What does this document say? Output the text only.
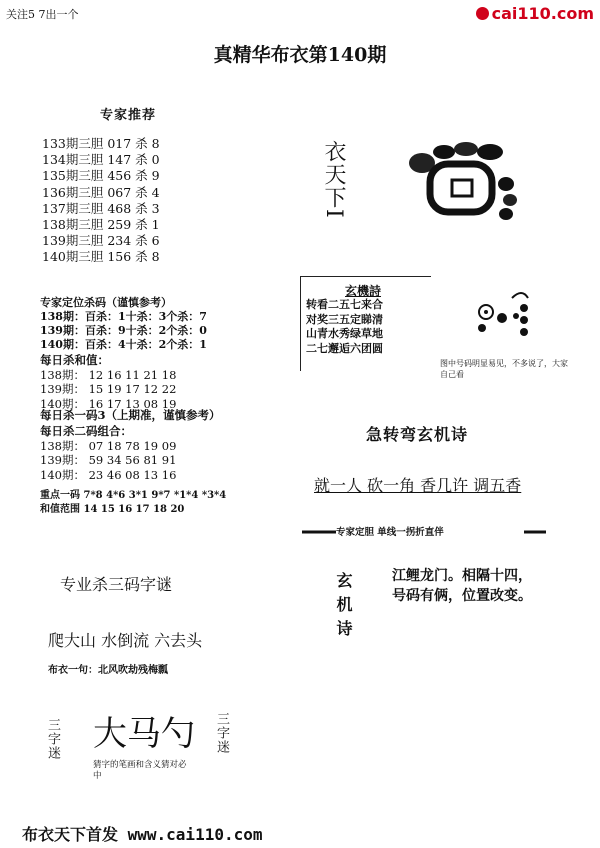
关注5 7出一个	cai110.com
真精华布衣第140期
专家推荐
133期三胆 017 杀 8
134期三胆 147 杀 0
135期三胆 456 杀 9
136期三胆 067 杀 4
137期三胆 468 杀 3
138期三胆 259 杀 1
139期三胆 234 杀 6
140期三胆 156 杀 8
专家定位杀码（谨慎参考）
138期：百杀：1十杀：3个杀：7
139期：百杀：9十杀：2个杀：0
140期：百杀：4十杀：2个杀：1
每日杀和值：
138期： 12 16 11 21 18
139期： 15 19 17 12 22
140期： 16 17 13 08 19
每日杀一码3（上期准，谨慎参考）
每日杀二码组合：
138期： 07 18 78 19 09
139期： 59 34 56 81 91
140期： 23 46 08 13 16
重点一码 7*8 4*6 3*1 9*7 *1*4 *3*4
和值范围 14 15 16 17 18 20
专业杀三码字谜
爬大山 水倒流 六去头
布衣一句：北风吹劫残梅瓢
三字迷	三字迷
大马勺
猜字的笔画和含义猜对必中
衣天下I
玄機詩
转看二五七来合
对奖三五定睇清
山青水秀绿草地
二七邂逅六团圆
图中号码明显易见，不多说了，大家自己看
急转弯玄机诗
就一人 砍一角 香几许 调五香
专家定胆 单线一拐折直伴
玄机诗	江鲤龙门。相隔十四，
号码有俩，位置改变。
布衣天下首发 www.cai110.com
